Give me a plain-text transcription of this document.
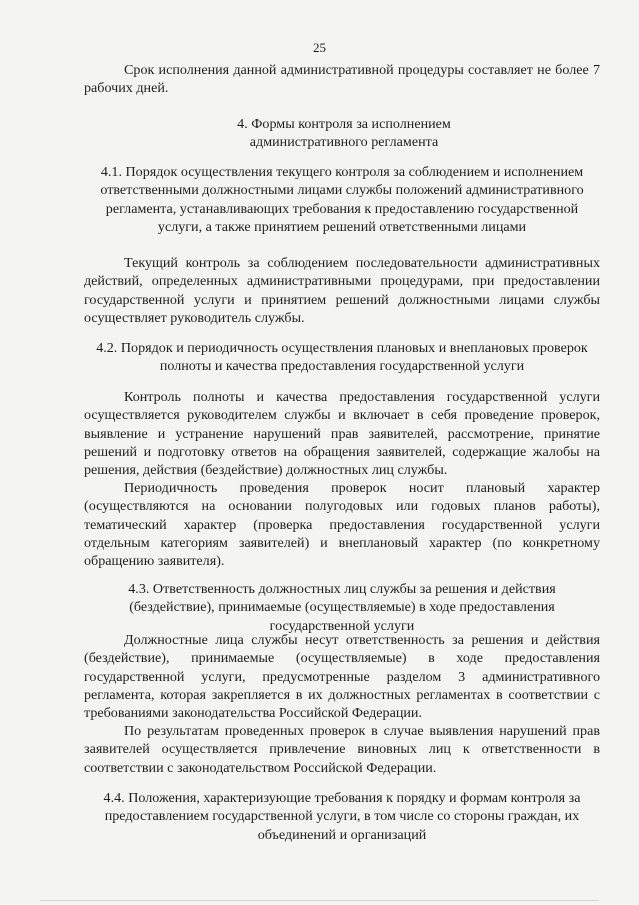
25

Срок исполнения данной административной процедуры составляет не более 7 рабочих дней.

4. Формы контроля за исполнением административного регламента

4.1. Порядок осуществления текущего контроля за соблюдением и исполнением ответственными должностными лицами службы положений административного регламента, устанавливающих требования к предоставлению государственной услуги, а также принятием решений ответственными лицами

Текущий контроль за соблюдением последовательности административных действий, определенных административными процедурами, при предоставлении государственной услуги и принятием решений должностными лицами службы осуществляет руководитель службы.

4.2. Порядок и периодичность осуществления плановых и внеплановых проверок полноты и качества предоставления государственной услуги

Контроль полноты и качества предоставления государственной услуги осуществляется руководителем службы и включает в себя проведение проверок, выявление и устранение нарушений прав заявителей, рассмотрение, принятие решений и подготовку ответов на обращения заявителей, содержащие жалобы на решения, действия (бездействие) должностных лиц службы.

Периодичность проведения проверок носит плановый характер (осуществляются на основании полугодовых или годовых планов работы), тематический характер (проверка предоставления государственной услуги отдельным категориям заявителей) и внеплановый характер (по конкретному обращению заявителя).

4.3. Ответственность должностных лиц службы за решения и действия (бездействие), принимаемые (осуществляемые) в ходе предоставления государственной услуги

Должностные лица службы несут ответственность за решения и действия (бездействие), принимаемые (осуществляемые) в ходе предоставления государственной услуги, предусмотренные разделом 3 административного регламента, которая закрепляется в их должностных регламентах в соответствии с требованиями законодательства Российской Федерации.

По результатам проведенных проверок в случае выявления нарушений прав заявителей осуществляется привлечение виновных лиц к ответственности в соответствии с законодательством Российской Федерации.

4.4. Положения, характеризующие требования к порядку и формам контроля за предоставлением государственной услуги, в том числе со стороны граждан, их объединений и организаций
